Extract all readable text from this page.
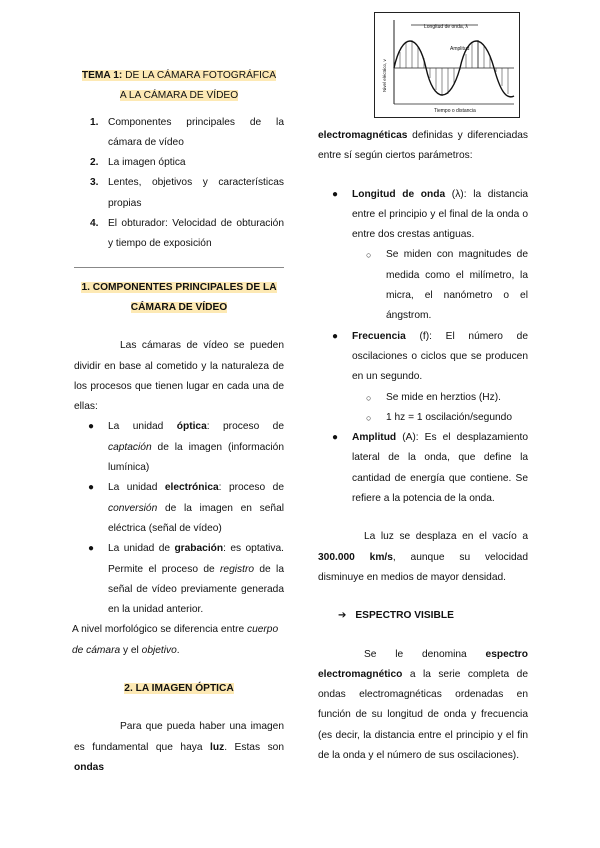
Longitud de onda, λ
Amplitud
Nivel eléctrico, v
Tiempo o distancia
TEMA 1: DE LA CÁMARA FOTOGRÁFICA A LA CÁMARA DE VÍDEO
1. Componentes principales de la cámara de vídeo
2. La imagen óptica
3. Lentes, objetivos y características propias
4. El obturador: Velocidad de obturación y tiempo de exposición
1. COMPONENTES PRINCIPALES DE LA CÁMARA DE VÍDEO
Las cámaras de vídeo se pueden dividir en base al cometido y la naturaleza de los procesos que tienen lugar en cada una de ellas:
● La unidad óptica: proceso de captación de la imagen (información lumínica)
● La unidad electrónica: proceso de conversión de la imagen en señal eléctrica (señal de vídeo)
● La unidad de grabación: es optativa. Permite el proceso de registro de la señal de vídeo previamente generada en la unidad anterior.
A nivel morfológico se diferencia entre cuerpo de cámara y el objetivo.
2. LA IMAGEN ÓPTICA
Para que pueda haber una imagen es fundamental que haya luz. Estas son ondas
electromagnéticas definidas y diferenciadas entre sí según ciertos parámetros:
● Longitud de onda (λ): la distancia entre el principio y el final de la onda o entre dos crestas antiguas.
○ Se miden con magnitudes de medida como el milímetro, la micra, el nanómetro o el ángstrom.
● Frecuencia (f): El número de oscilaciones o ciclos que se producen en un segundo.
○ Se mide en herztios (Hz).
○ 1 hz = 1 oscilación/segundo
● Amplitud (A): Es el desplazamiento lateral de la onda, que define la cantidad de energía que contiene. Se refiere a la potencia de la onda.
La luz se desplaza en el vacío a 300.000 km/s, aunque su velocidad disminuye en medios de mayor densidad.
➔ ESPECTRO VISIBLE
Se le denomina espectro electromagnético a la serie completa de ondas electromagnéticas ordenadas en función de su longitud de onda y frecuencia (es decir, la distancia entre el principio y el fin de la onda y el número de sus oscilaciones).
